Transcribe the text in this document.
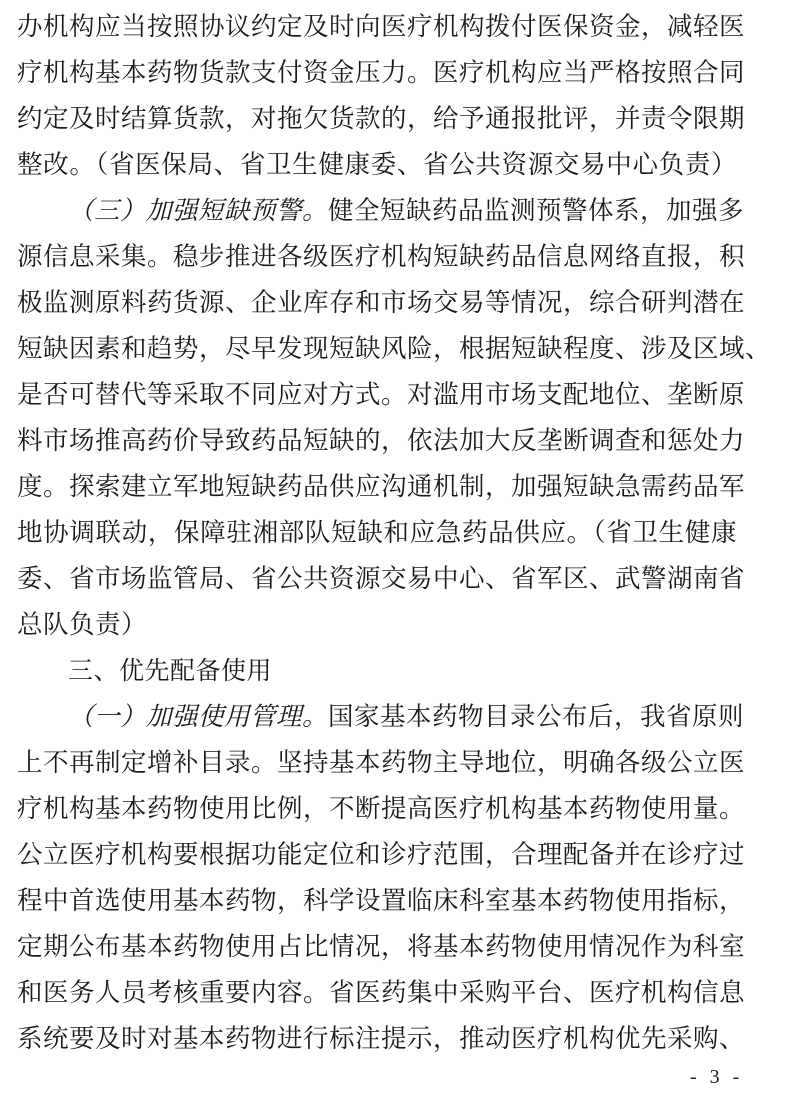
办机构应当按照协议约定及时向医疗机构拨付医保资金，减轻医
疗机构基本药物货款支付资金压力。医疗机构应当严格按照合同
约定及时结算货款，对拖欠货款的，给予通报批评，并责令限期
整改。（省医保局、省卫生健康委、省公共资源交易中心负责）
（三）加强短缺预警。健全短缺药品监测预警体系，加强多
源信息采集。稳步推进各级医疗机构短缺药品信息网络直报，积
极监测原料药货源、企业库存和市场交易等情况，综合研判潜在
短缺因素和趋势，尽早发现短缺风险，根据短缺程度、涉及区域、
是否可替代等采取不同应对方式。对滥用市场支配地位、垄断原
料市场推高药价导致药品短缺的，依法加大反垄断调查和惩处力
度。探索建立军地短缺药品供应沟通机制，加强短缺急需药品军
地协调联动，保障驻湘部队短缺和应急药品供应。（省卫生健康
委、省市场监管局、省公共资源交易中心、省军区、武警湖南省
总队负责）
三、优先配备使用
（一）加强使用管理。国家基本药物目录公布后，我省原则
上不再制定增补目录。坚持基本药物主导地位，明确各级公立医
疗机构基本药物使用比例，不断提高医疗机构基本药物使用量。
公立医疗机构要根据功能定位和诊疗范围，合理配备并在诊疗过
程中首选使用基本药物，科学设置临床科室基本药物使用指标，
定期公布基本药物使用占比情况，将基本药物使用情况作为科室
和医务人员考核重要内容。省医药集中采购平台、医疗机构信息
系统要及时对基本药物进行标注提示，推动医疗机构优先采购、
- 3 -
